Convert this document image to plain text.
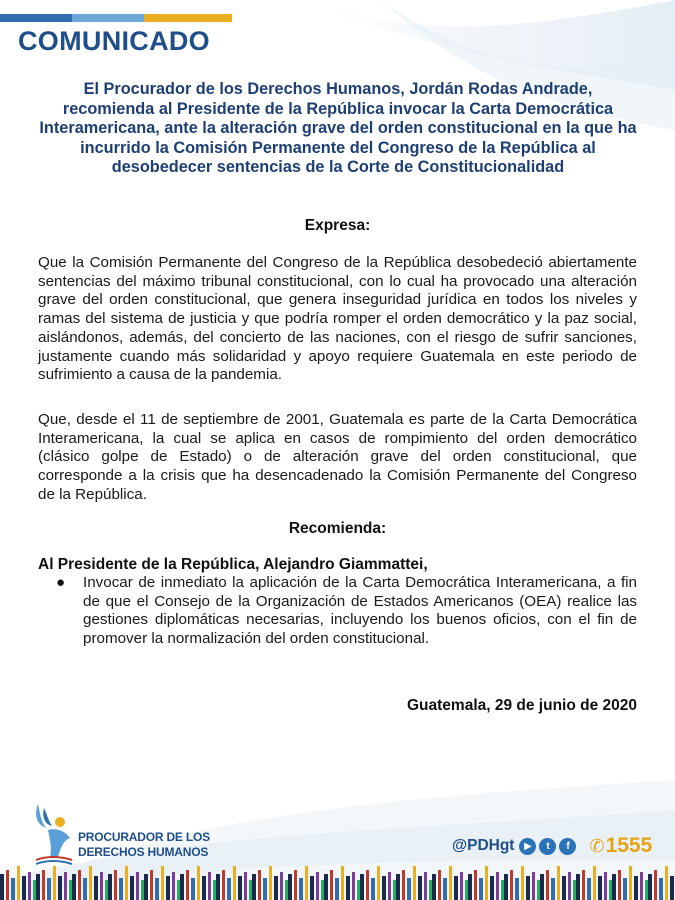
COMUNICADO
El Procurador de los Derechos Humanos, Jordán Rodas Andrade, recomienda al Presidente de la República invocar la Carta Democrática Interamericana, ante la alteración grave del orden constitucional en la que ha incurrido la Comisión Permanente del Congreso de la República al desobedecer sentencias de la Corte de Constitucionalidad
Expresa:
Que la Comisión Permanente del Congreso de la República desobedeció abiertamente sentencias del máximo tribunal constitucional, con lo cual ha provocado una alteración grave del orden constitucional, que genera inseguridad jurídica en todos los niveles y ramas del sistema de justicia y que podría romper el orden democrático y la paz social, aislándonos, además, del concierto de las naciones, con el riesgo de sufrir sanciones, justamente cuando más solidaridad y apoyo requiere Guatemala en este periodo de sufrimiento a causa de la pandemia.
Que, desde el 11 de septiembre de 2001, Guatemala es parte de la Carta Democrática Interamericana, la cual se aplica en casos de rompimiento del orden democrático (clásico golpe de Estado) o de alteración grave del orden constitucional, que corresponde a la crisis que ha desencadenado la Comisión Permanente del Congreso de la República.
Recomienda:
Al Presidente de la República, Alejandro Giammattei,
● Invocar de inmediato la aplicación de la Carta Democrática Interamericana, a fin de que el Consejo de la Organización de Estados Americanos (OEA) realice las gestiones diplomáticas necesarias, incluyendo los buenos oficios, con el fin de promover la normalización del orden constitucional.
Guatemala, 29 de junio de 2020
PROCURADOR DE LOS
DERECHOS HUMANOS	@PDHgt ▶	t	f	✆ 1555
